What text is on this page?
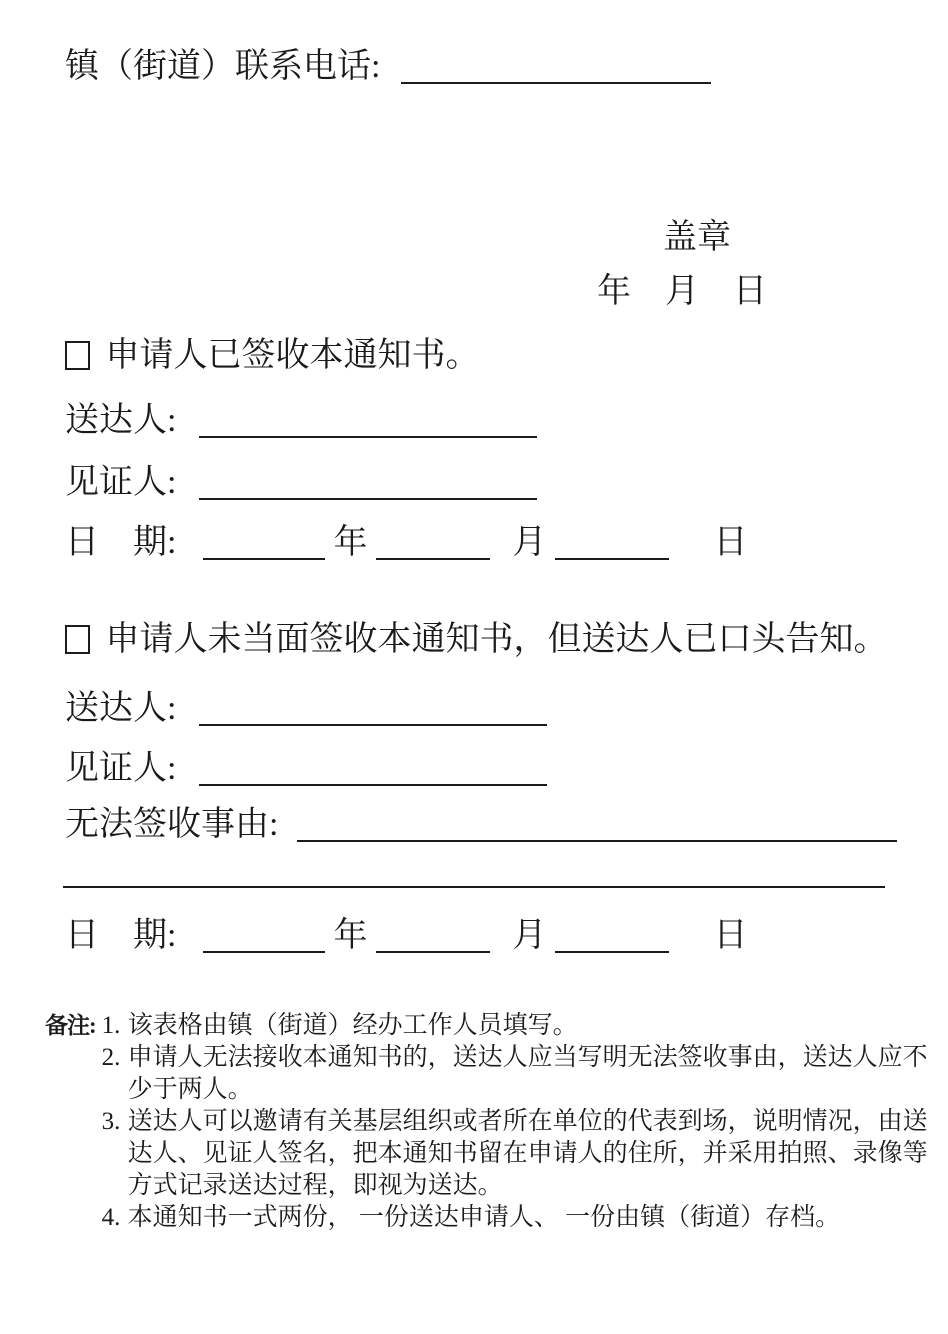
镇（街道）联系电话:
盖章
年　月　日
申请人已签收本通知书。
送达人:
见证人:
日　期:	年	月	日
申请人未当面签收本通知书，但送达人已口头告知。
送达人:
见证人:
无法签收事由:
日　期:	年	月	日
备注: 1. 该表格由镇（街道）经办工作人员填写。
2. 申请人无法接收本通知书的，送达人应当写明无法签收事由，送达人应不少于两人。
3. 送达人可以邀请有关基层组织或者所在单位的代表到场，说明情况，由送达人、见证人签名，把本通知书留在申请人的住所，并采用拍照、录像等方式记录送达过程，即视为送达。
4. 本通知书一式两份， 一份送达申请人、 一份由镇（街道）存档。
